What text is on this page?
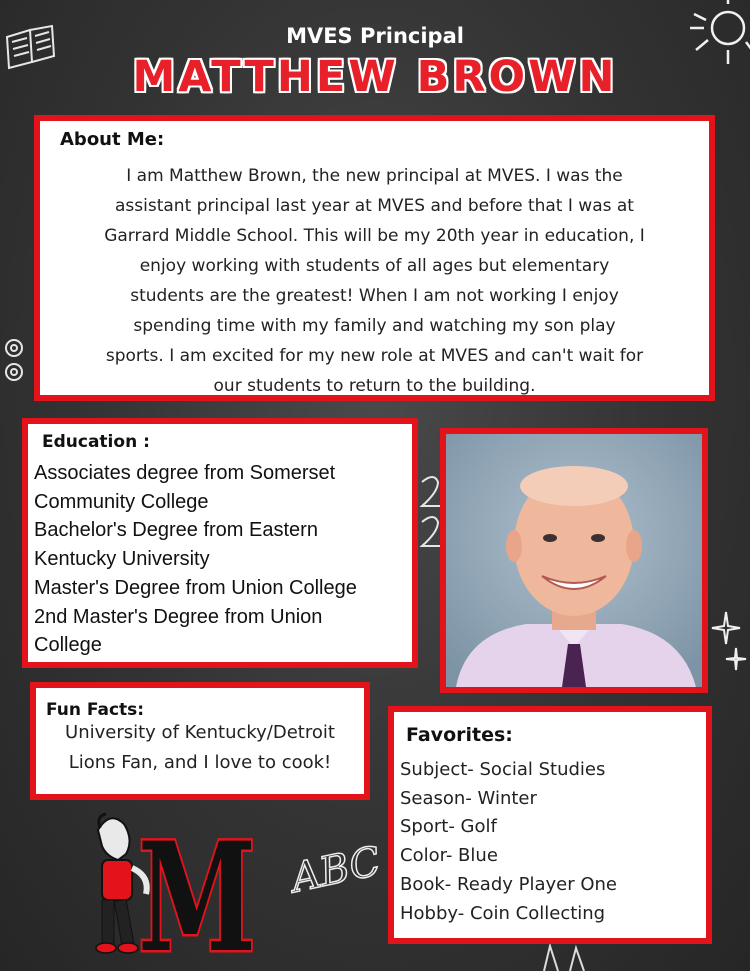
ABC
MVES Principal
MATTHEW BROWN
About Me:
I am Matthew Brown, the new principal at MVES. I was the
assistant principal last year at MVES and before that I was at
Garrard Middle School. This will be my 20th year in education, I
enjoy working with students of all ages but elementary
students are the greatest! When I am not working I enjoy
spending time with my family and watching my son play
sports. I am excited for my new role at MVES and can't wait for
our students to return to the building.
Education :
Associates degree from Somerset
Community College
Bachelor's Degree from Eastern
Kentucky University
Master's Degree from Union College
2nd Master's Degree from Union
College
Fun Facts:
University of Kentucky/Detroit
Lions Fan, and I love to cook!
Favorites:
Subject- Social Studies
Season- Winter
Sport- Golf
Color- Blue
Book- Ready Player One
Hobby- Coin Collecting
M
